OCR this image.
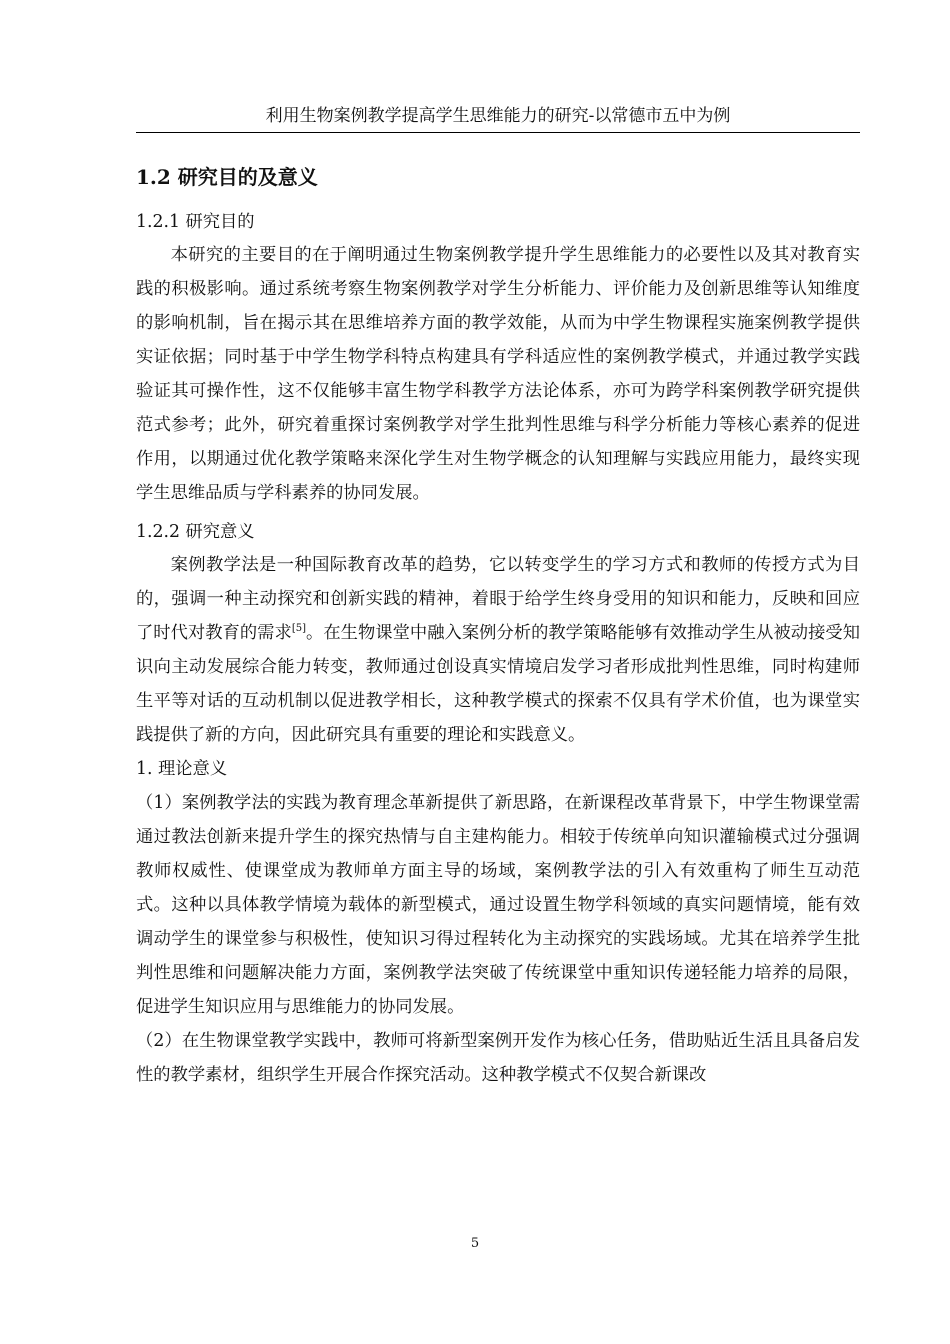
利用生物案例教学提高学生思维能力的研究-以常德市五中为例
1.2 研究目的及意义
1.2.1 研究目的

本研究的主要目的在于阐明通过生物案例教学提升学生思维能力的必要性以及其对教育实践的积极影响。通过系统考察生物案例教学对学生分析能力、评价能力及创新思维等认知维度的影响机制，旨在揭示其在思维培养方面的教学效能，从而为中学生物课程实施案例教学提供实证依据；同时基于中学生物学科特点构建具有学科适应性的案例教学模式，并通过教学实践验证其可操作性，这不仅能够丰富生物学科教学方法论体系，亦可为跨学科案例教学研究提供范式参考；此外，研究着重探讨案例教学对学生批判性思维与科学分析能力等核心素养的促进作用，以期通过优化教学策略来深化学生对生物学概念的认知理解与实践应用能力，最终实现学生思维品质与学科素养的协同发展。

1.2.2 研究意义

案例教学法是一种国际教育改革的趋势，它以转变学生的学习方式和教师的传授方式为目的，强调一种主动探究和创新实践的精神，着眼于给学生终身受用的知识和能力，反映和回应了时代对教育的需求[5]。在生物课堂中融入案例分析的教学策略能够有效推动学生从被动接受知识向主动发展综合能力转变，教师通过创设真实情境启发学习者形成批判性思维，同时构建师生平等对话的互动机制以促进教学相长，这种教学模式的探索不仅具有学术价值，也为课堂实践提供了新的方向，因此研究具有重要的理论和实践意义。

1. 理论意义

（1）案例教学法的实践为教育理念革新提供了新思路，在新课程改革背景下，中学生物课堂需通过教法创新来提升学生的探究热情与自主建构能力。相较于传统单向知识灌输模式过分强调教师权威性、使课堂成为教师单方面主导的场域，案例教学法的引入有效重构了师生互动范式。这种以具体教学情境为载体的新型模式，通过设置生物学科领域的真实问题情境，能有效调动学生的课堂参与积极性，使知识习得过程转化为主动探究的实践场域。尤其在培养学生批判性思维和问题解决能力方面，案例教学法突破了传统课堂中重知识传递轻能力培养的局限，促进学生知识应用与思维能力的协同发展。

（2）在生物课堂教学实践中，教师可将新型案例开发作为核心任务，借助贴近生活且具备启发性的教学素材，组织学生开展合作探究活动。这种教学模式不仅契合新课改

5
